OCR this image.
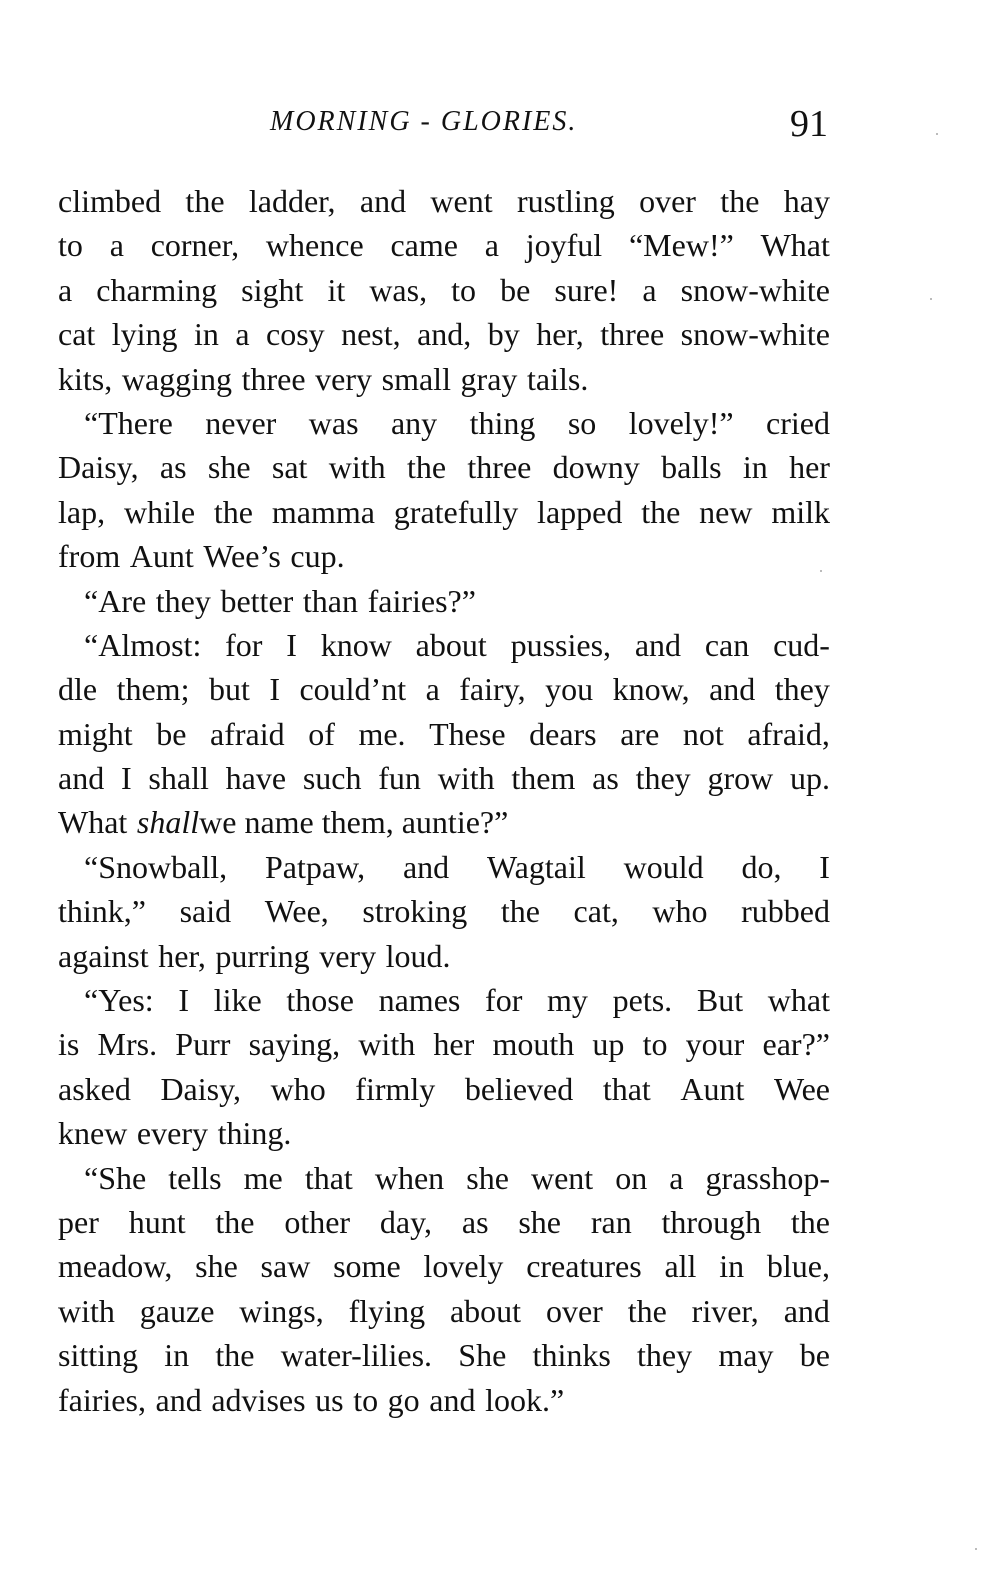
MORNING - GLORIES.	91
climbed the ladder, and went rustling over the hay
to a corner, whence came a joyful “Mew!” What
a charming sight it was, to be sure! a snow-white
cat lying in a cosy nest, and, by her, three snow-white
kits, wagging three very small gray tails.
“There never was any thing so lovely!” cried
Daisy, as she sat with the three downy balls in her
lap, while the mamma gratefully lapped the new milk
from Aunt Wee’s cup.
“Are they better than fairies?”
“Almost: for I know about pussies, and can cud-
dle them; but I could’nt a fairy, you know, and they
might be afraid of me. These dears are not afraid,
and I shall have such fun with them as they grow up.
What shall we name them, auntie?”
“Snowball, Patpaw, and Wagtail would do, I
think,” said Wee, stroking the cat, who rubbed
against her, purring very loud.
“Yes: I like those names for my pets. But what
is Mrs. Purr saying, with her mouth up to your ear?”
asked Daisy, who firmly believed that Aunt Wee
knew every thing.
“She tells me that when she went on a grasshop-
per hunt the other day, as she ran through the
meadow, she saw some lovely creatures all in blue,
with gauze wings, flying about over the river, and
sitting in the water-lilies. She thinks they may be
fairies, and advises us to go and look.”
